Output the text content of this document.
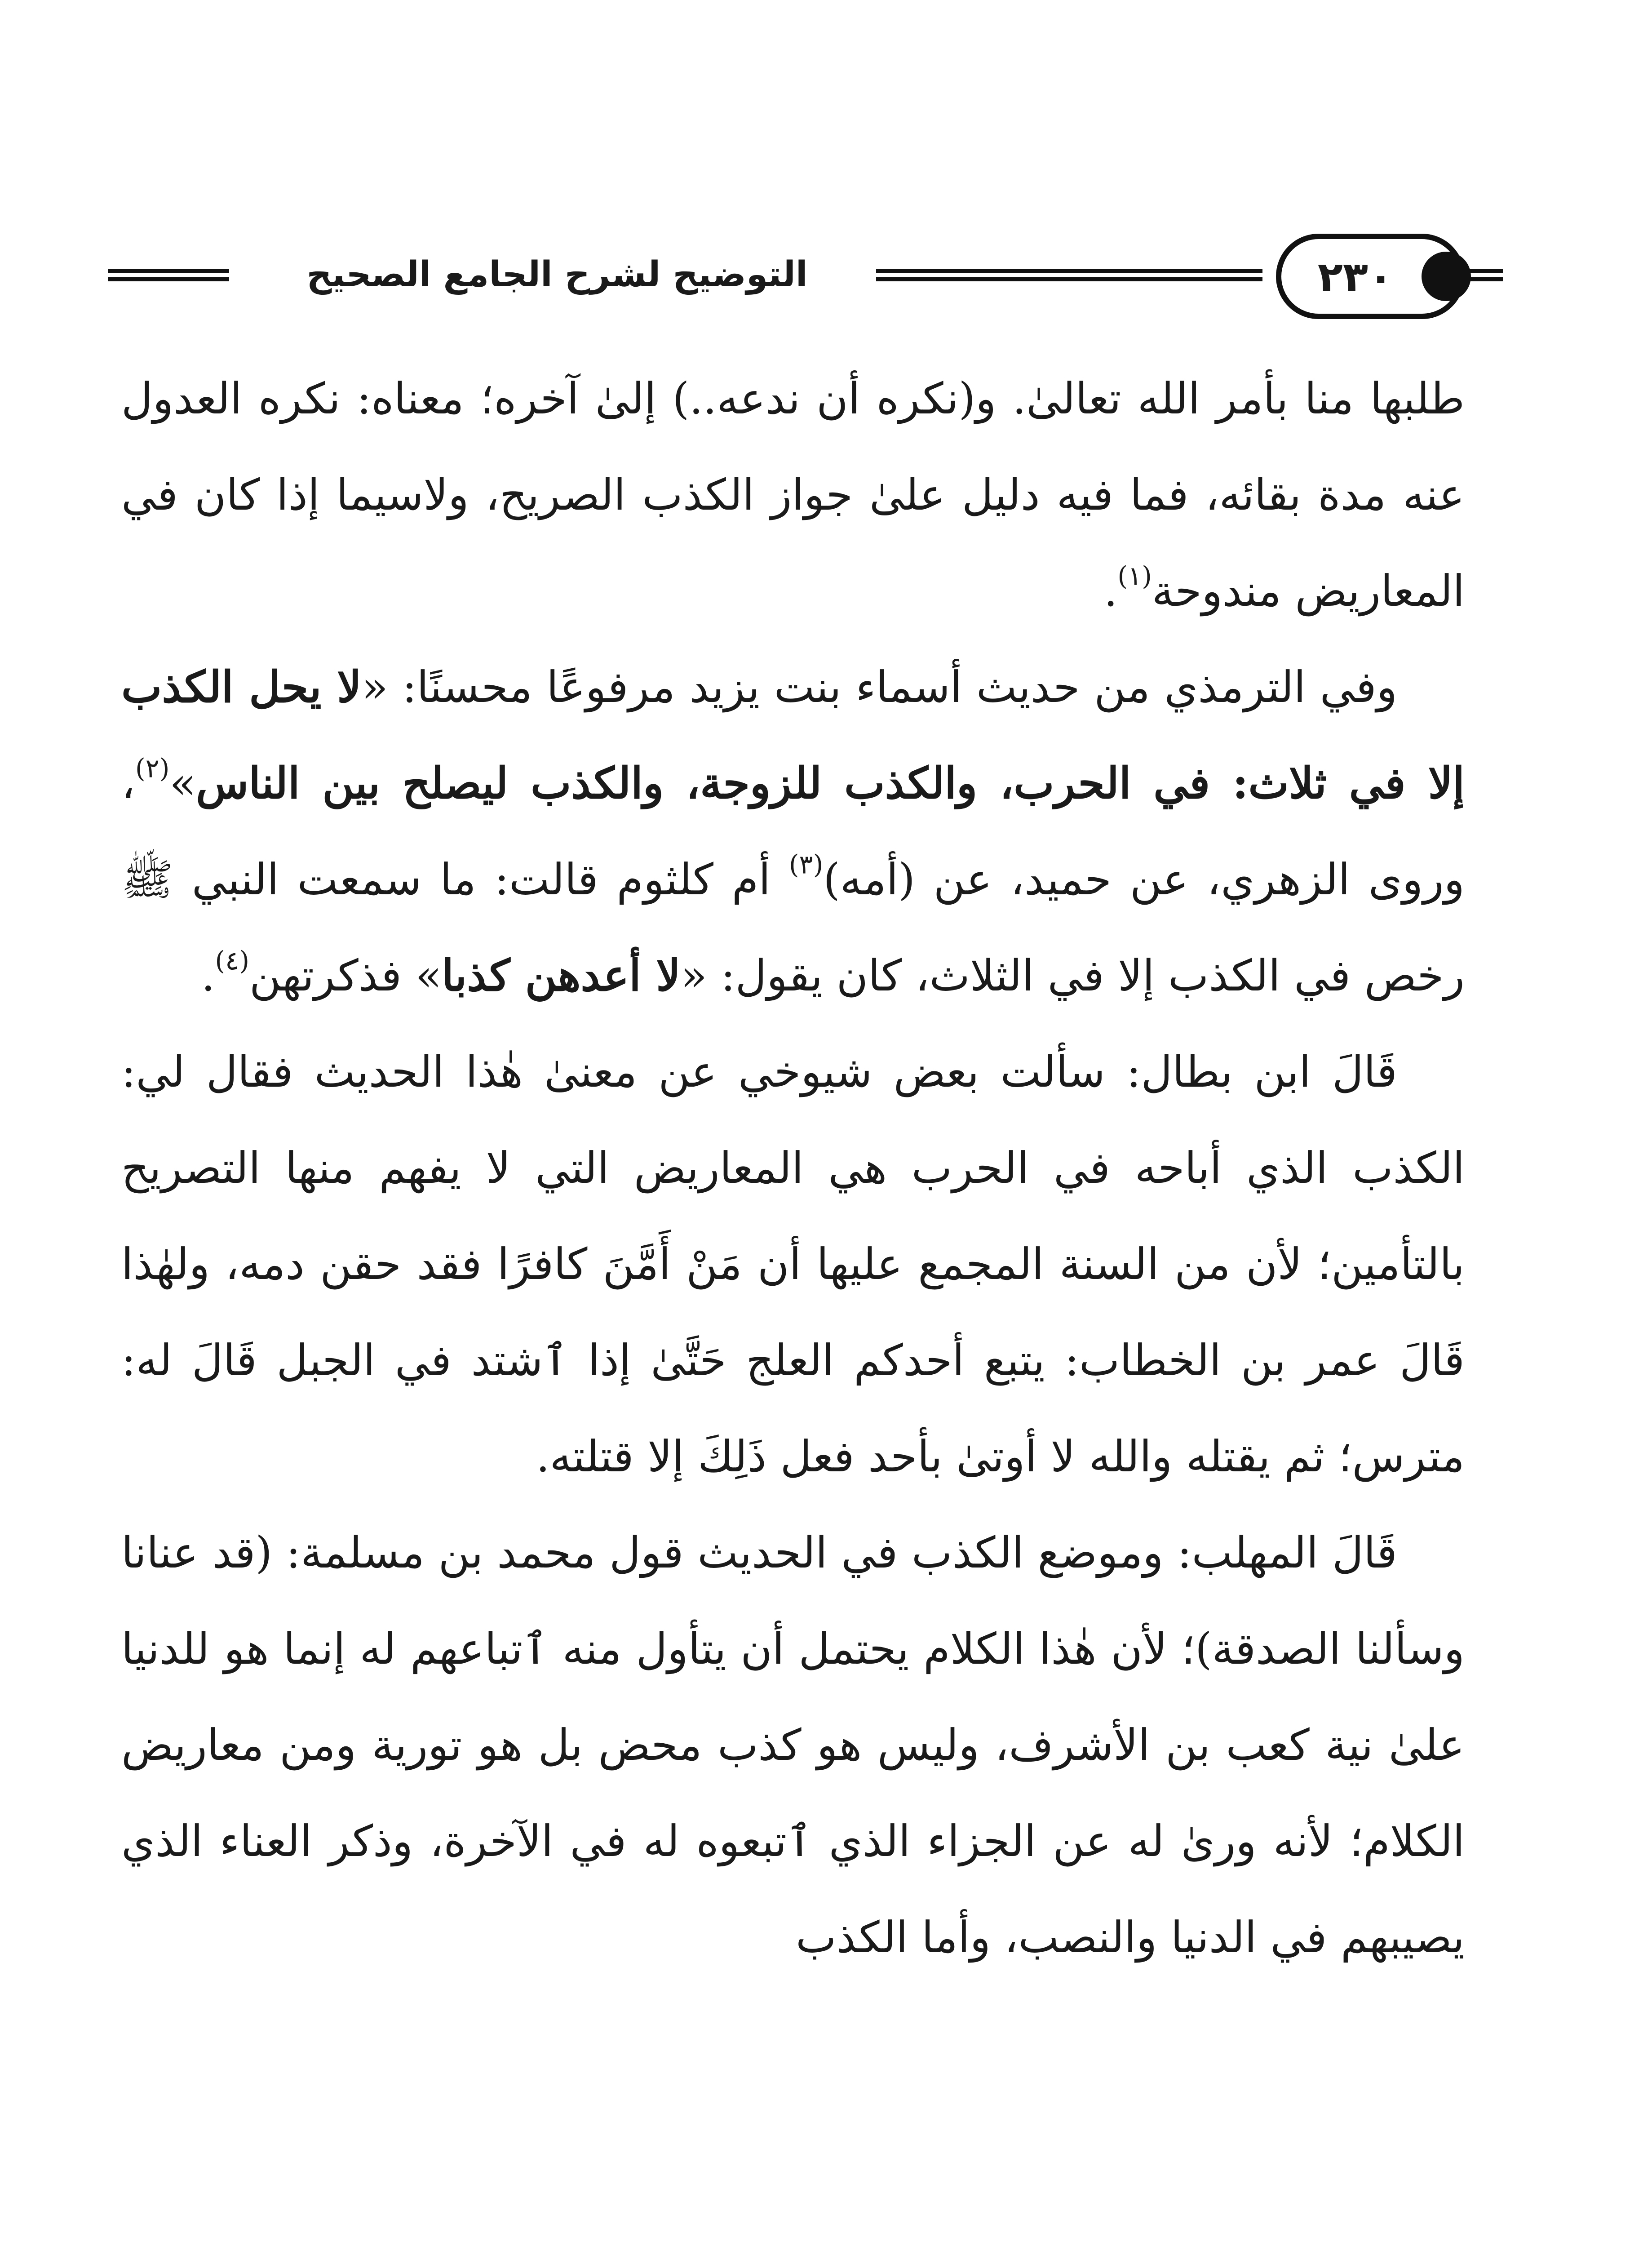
التوضيح لشرح الجامع الصحيح	٢٣٠

طلبها منا بأمر الله تعالىٰ. و(نكره أن ندعه..) إلىٰ آخره؛ معناه: نكره العدول عنه مدة بقائه، فما فيه دليل علىٰ جواز الكذب الصريح، ولاسيما إذا كان في المعاريض مندوحة$^{(١)}$.

وفي الترمذي من حديث أسماء بنت يزيد مرفوعًا محسنًا: «لا يحل الكذب إلا في ثلاث: في الحرب، والكذب للزوجة، والكذب ليصلح بين الناس»$^{(٢)}$، وروى الزهري، عن حميد، عن (أمه)$^{(٣)}$ أم كلثوم قالت: ما سمعت النبي ﷺ رخص في الكذب إلا في الثلاث، كان يقول: «لا أعدهن كذبا» فذكرتهن$^{(٤)}$.

قَالَ ابن بطال: سألت بعض شيوخي عن معنىٰ هٰذا الحديث فقال لي: الكذب الذي أباحه في الحرب هي المعاريض التي لا يفهم منها التصريح بالتأمين؛ لأن من السنة المجمع عليها أن مَنْ أَمَّنَ كافرًا فقد حقن دمه، ولهٰذا قَالَ عمر بن الخطاب: يتبع أحدكم العلج حَتَّىٰ إذا ٱشتد في الجبل قَالَ له: مترس؛ ثم يقتله والله لا أوتىٰ بأحد فعل ذَلِكَ إلا قتلته.

قَالَ المهلب: وموضع الكذب في الحديث قول محمد بن مسلمة: (قد عنانا وسألنا الصدقة)؛ لأن هٰذا الكلام يحتمل أن يتأول منه ٱتباعهم له إنما هو للدنيا علىٰ نية كعب بن الأشرف، وليس هو كذب محض بل هو تورية ومن معاريض الكلام؛ لأنه ورىٰ له عن الجزاء الذي ٱتبعوه له في الآخرة، وذكر العناء الذي يصيبهم في الدنيا والنصب، وأما الكذب
